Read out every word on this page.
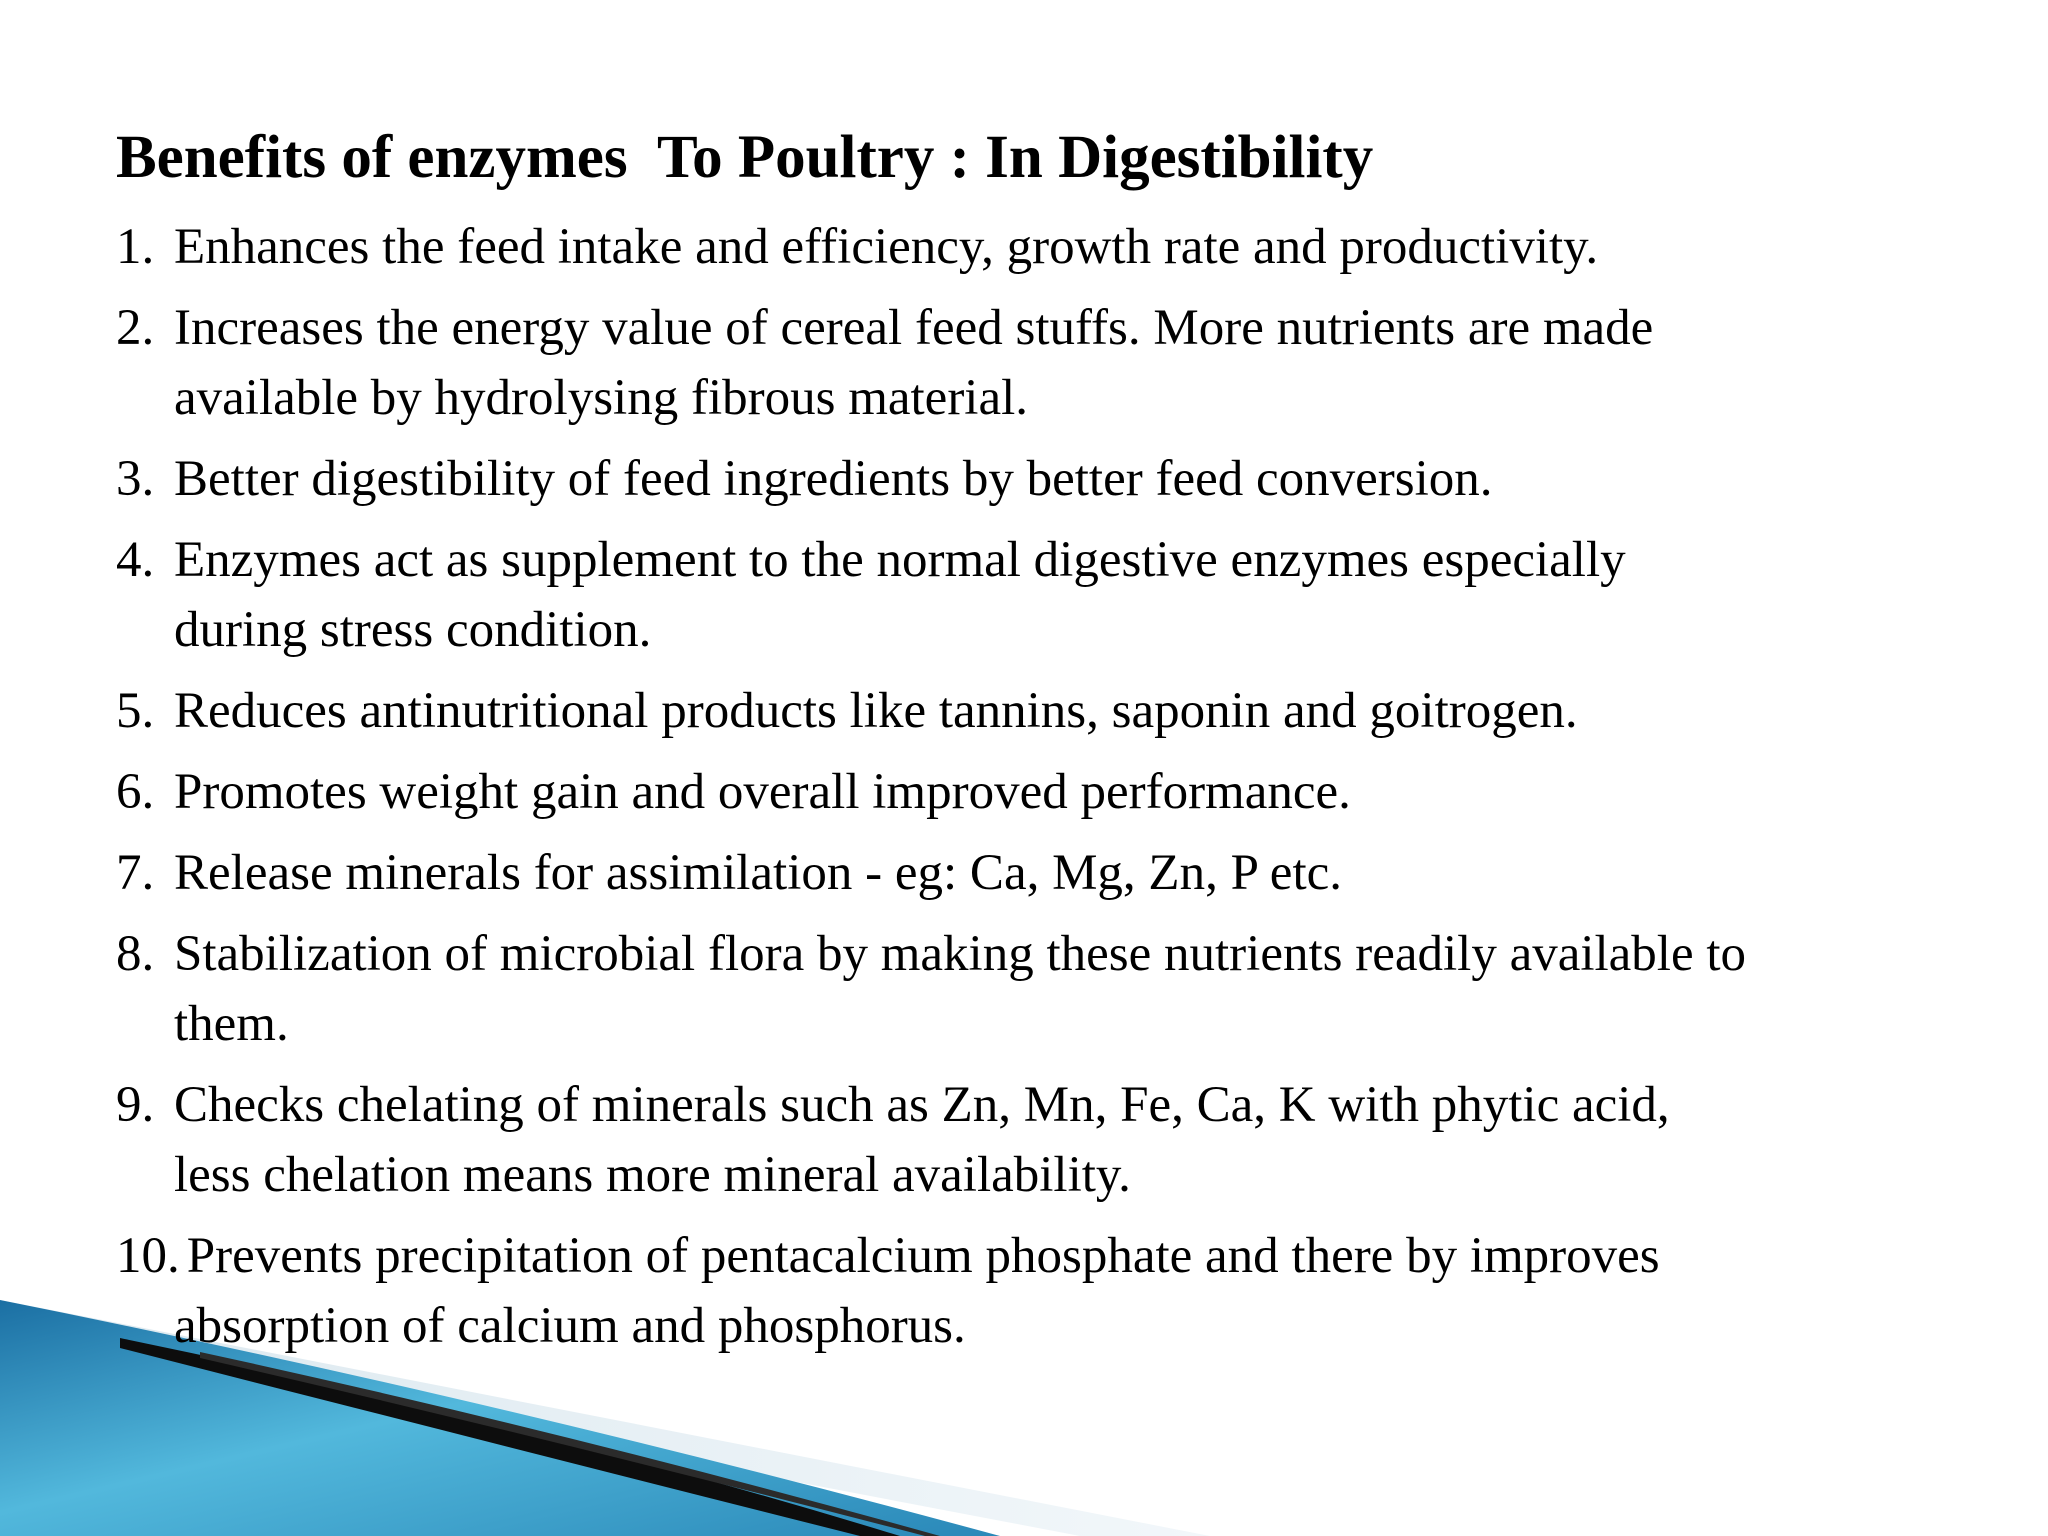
Benefits of enzymes  To Poultry : In Digestibility
1. Enhances the feed intake and efficiency, growth rate and productivity.
2. Increases the energy value of cereal feed stuffs. More nutrients are made
available by hydrolysing fibrous material.
3. Better digestibility of feed ingredients by better feed conversion.
4. Enzymes act as supplement to the normal digestive enzymes especially
during stress condition.
5. Reduces antinutritional products like tannins, saponin and goitrogen.
6. Promotes weight gain and overall improved performance.
7. Release minerals for assimilation - eg: Ca, Mg, Zn, P etc.
8. Stabilization of microbial flora by making these nutrients readily available to
them.
9. Checks chelating of minerals such as Zn, Mn, Fe, Ca, K with phytic acid,
less chelation means more mineral availability.
10. Prevents precipitation of pentacalcium phosphate and there by improves
absorption of calcium and phosphorus.
